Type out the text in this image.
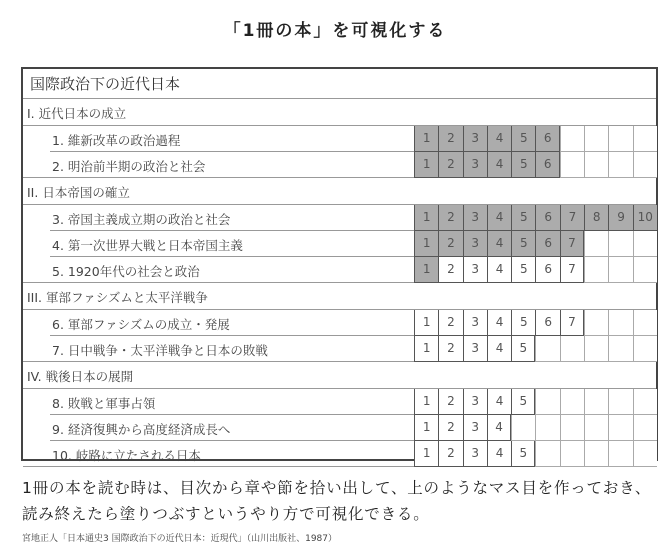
「1冊の本」を可視化する
国際政治下の近代日本
I. 近代日本の成立
1. 維新改革の政治過程	1	2	3	4	5	6
2. 明治前半期の政治と社会	1	2	3	4	5	6
II. 日本帝国の確立
3. 帝国主義成立期の政治と社会	1	2	3	4	5	6	7	8	9	10
4. 第一次世界大戦と日本帝国主義	1	2	3	4	5	6	7
5. 1920年代の社会と政治	1	2	3	4	5	6	7
III. 軍部ファシズムと太平洋戦争
6. 軍部ファシズムの成立・発展	1	2	3	4	5	6	7
7. 日中戦争・太平洋戦争と日本の敗戦	1	2	3	4	5
IV. 戦後日本の展開
8. 敗戦と軍事占領	1	2	3	4	5
9. 経済復興から高度経済成長へ	1	2	3	4
10. 岐路に立たされる日本	1	2	3	4	5
1冊の本を読む時は、目次から章や節を拾い出して、上のようなマス目を作っておき、読み終えたら塗りつぶすというやり方で可視化できる。
宮地正人「日本通史3 国際政治下の近代日本：近現代」（山川出版社、1987）
